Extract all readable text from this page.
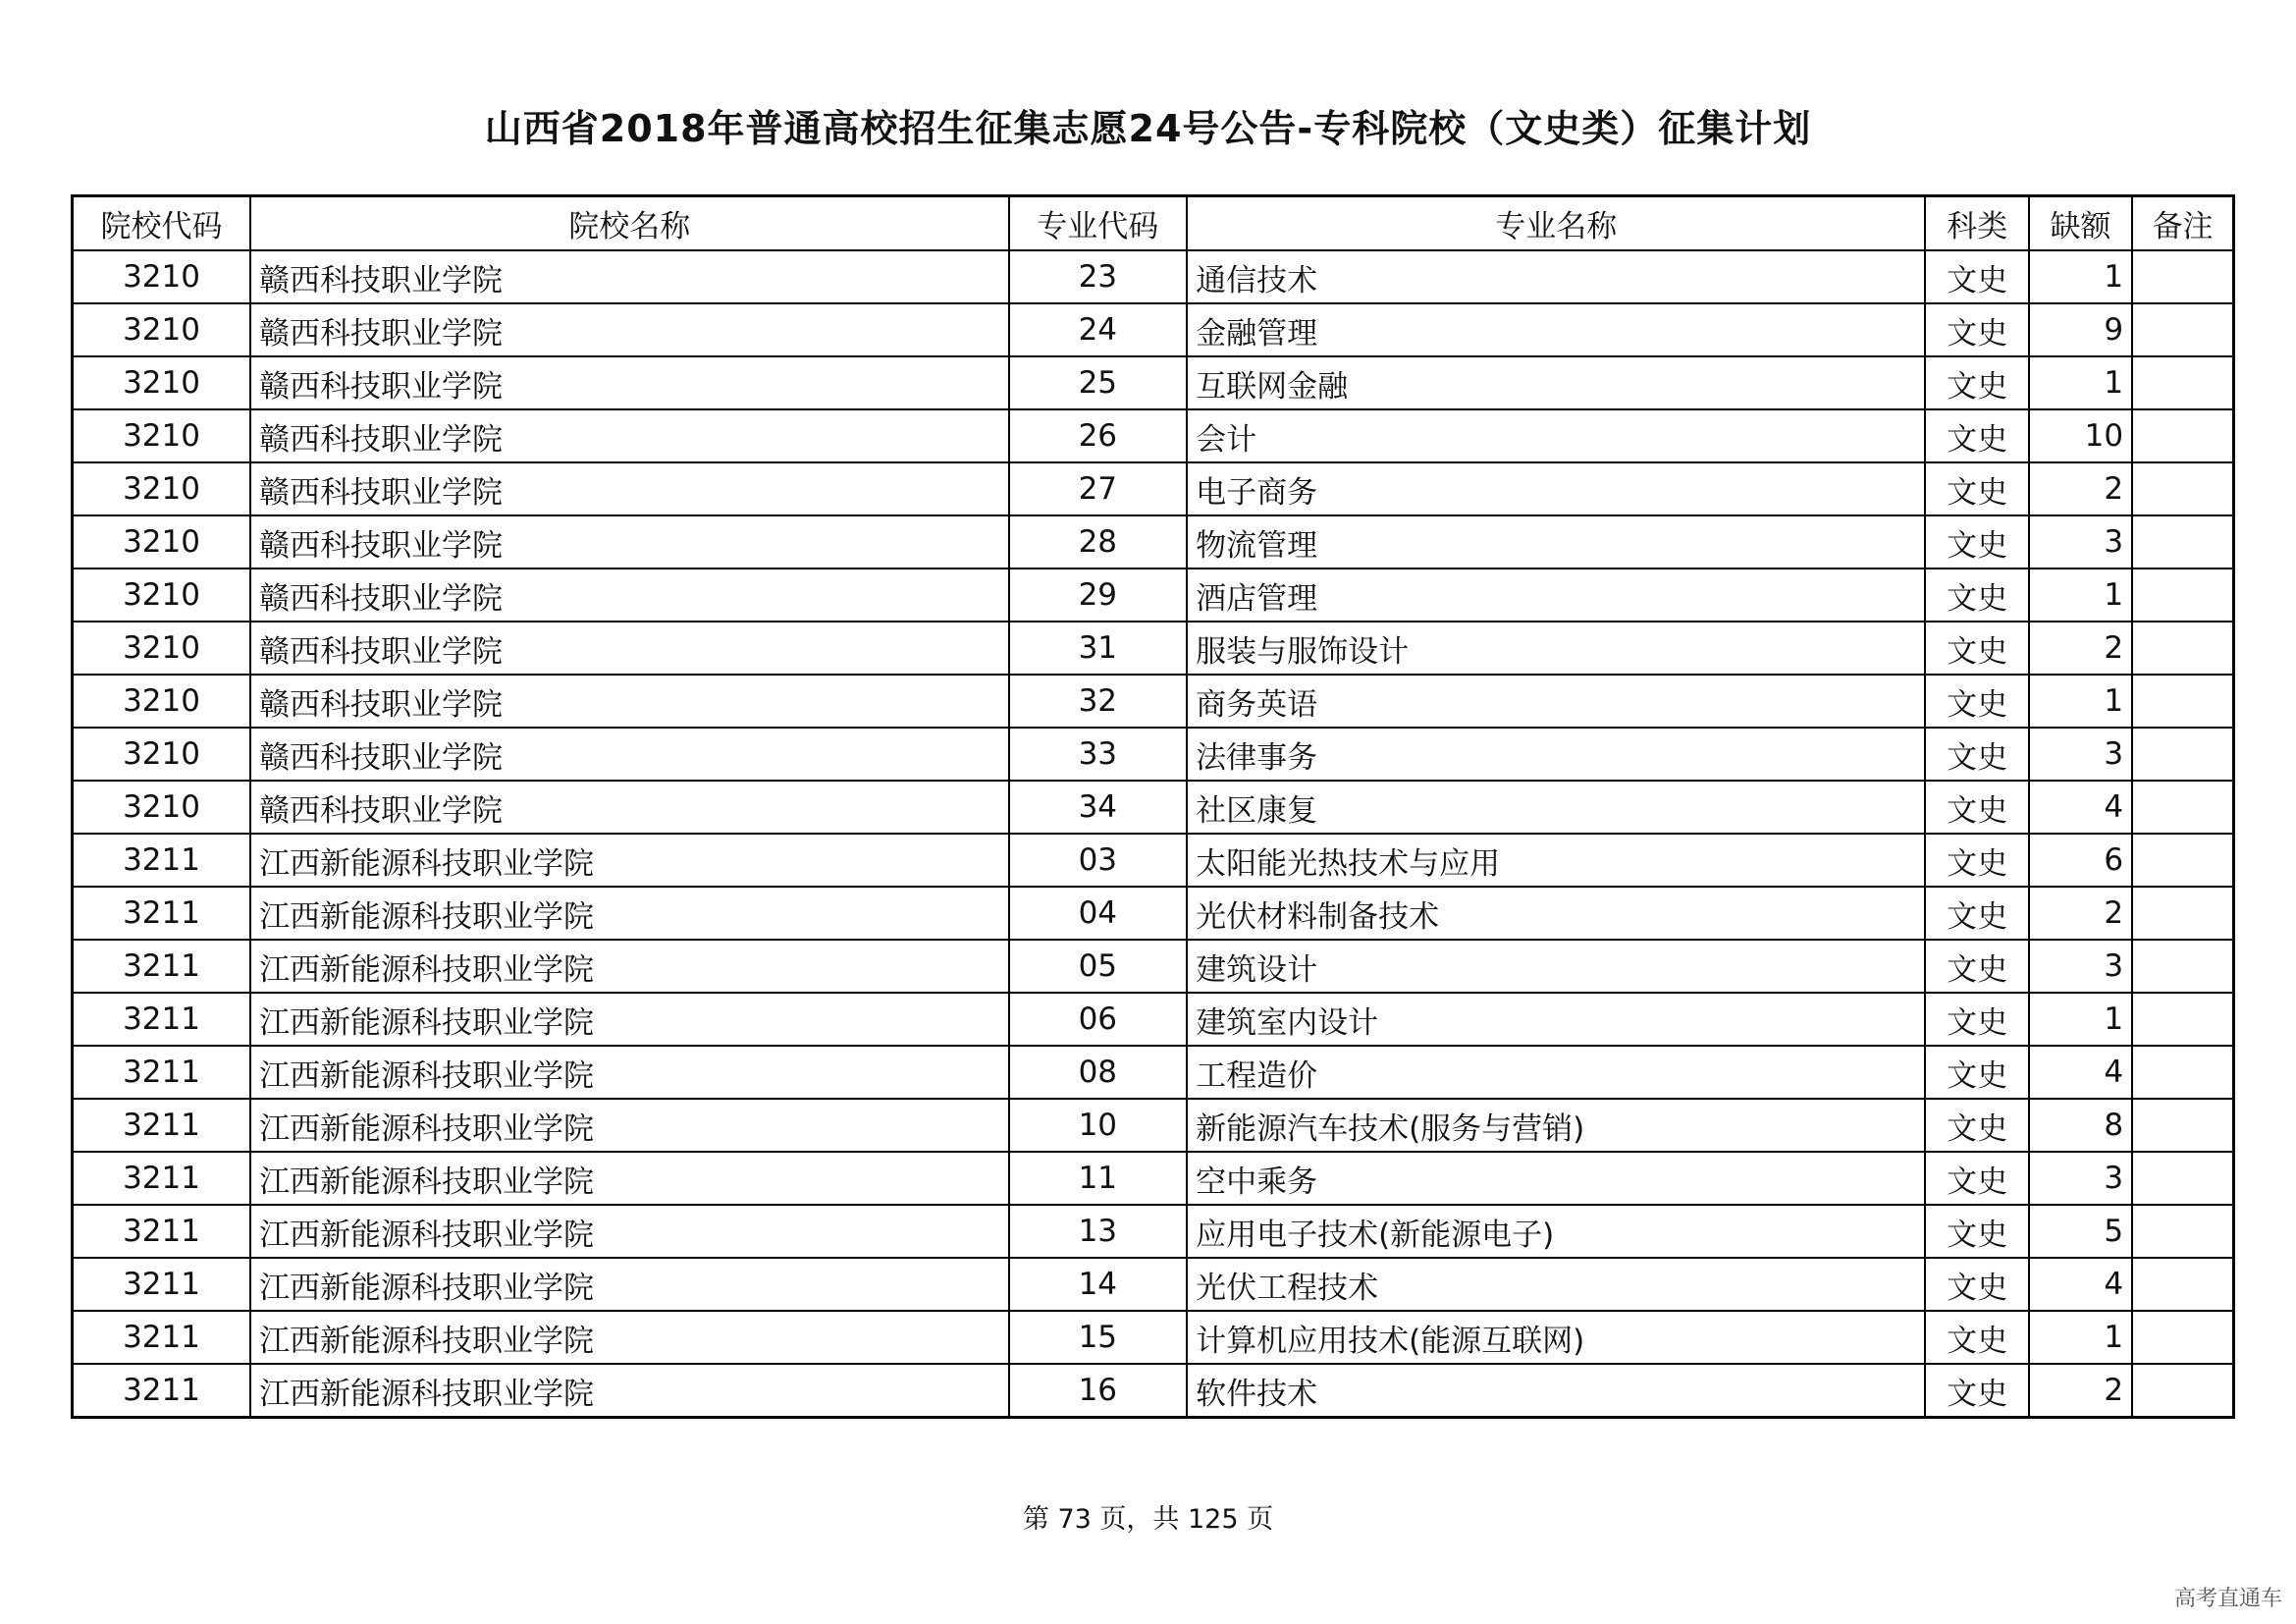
山西省2018年普通高校招生征集志愿24号公告-专科院校（文史类）征集计划
院校代码	院校名称	专业代码	专业名称	科类	缺额	备注
3210	赣西科技职业学院	23	通信技术	文史	1	
3210	赣西科技职业学院	24	金融管理	文史	9	
3210	赣西科技职业学院	25	互联网金融	文史	1	
3210	赣西科技职业学院	26	会计	文史	10	
3210	赣西科技职业学院	27	电子商务	文史	2	
3210	赣西科技职业学院	28	物流管理	文史	3	
3210	赣西科技职业学院	29	酒店管理	文史	1	
3210	赣西科技职业学院	31	服装与服饰设计	文史	2	
3210	赣西科技职业学院	32	商务英语	文史	1	
3210	赣西科技职业学院	33	法律事务	文史	3	
3210	赣西科技职业学院	34	社区康复	文史	4	
3211	江西新能源科技职业学院	03	太阳能光热技术与应用	文史	6	
3211	江西新能源科技职业学院	04	光伏材料制备技术	文史	2	
3211	江西新能源科技职业学院	05	建筑设计	文史	3	
3211	江西新能源科技职业学院	06	建筑室内设计	文史	1	
3211	江西新能源科技职业学院	08	工程造价	文史	4	
3211	江西新能源科技职业学院	10	新能源汽车技术(服务与营销)	文史	8	
3211	江西新能源科技职业学院	11	空中乘务	文史	3	
3211	江西新能源科技职业学院	13	应用电子技术(新能源电子)	文史	5	
3211	江西新能源科技职业学院	14	光伏工程技术	文史	4	
3211	江西新能源科技职业学院	15	计算机应用技术(能源互联网)	文史	1	
3211	江西新能源科技职业学院	16	软件技术	文史	2	
第 73 页，共 125 页
高考直通车
